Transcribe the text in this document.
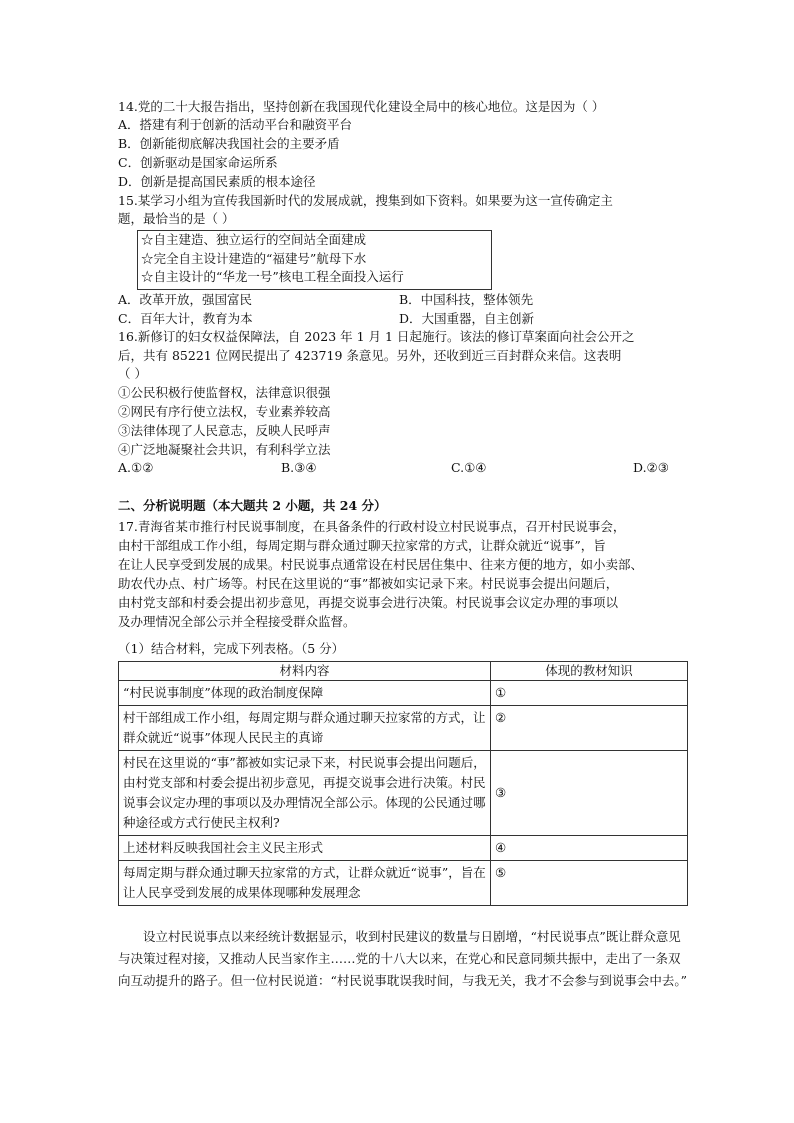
14.党的二十大报告指出，坚持创新在我国现代化建设全局中的核心地位。这是因为（ ）
A．搭建有利于创新的活动平台和融资平台
B．创新能彻底解决我国社会的主要矛盾
C．创新驱动是国家命运所系
D．创新是提高国民素质的根本途径
15.某学习小组为宣传我国新时代的发展成就，搜集到如下资料。如果要为这一宣传确定主
题，最恰当的是（ ）
☆自主建造、独立运行的空间站全面建成
☆完全自主设计建造的“福建号”航母下水
☆自主设计的“华龙一号”核电工程全面投入运行
A．改革开放，强国富民	B．中国科技，整体领先
C．百年大计，教育为本	D．大国重器，自主创新
16.新修订的妇女权益保障法，自 2023 年 1 月 1 日起施行。该法的修订草案面向社会公开之
后，共有 85221 位网民提出了 423719 条意见。另外，还收到近三百封群众来信。这表明
（ ）
①公民积极行使监督权，法律意识很强
②网民有序行使立法权，专业素养较高
③法律体现了人民意志，反映人民呼声
④广泛地凝聚社会共识，有利科学立法
A.①②	B.③④	C.①④	D.②③
二、分析说明题（本大题共 2 小题，共 24 分）
17.青海省某市推行村民说事制度，在具备条件的行政村设立村民说事点，召开村民说事会，
由村干部组成工作小组，每周定期与群众通过聊天拉家常的方式，让群众就近“说事”，旨
在让人民享受到发展的成果。村民说事点通常设在村民居住集中、往来方便的地方，如小卖部、
助农代办点、村广场等。村民在这里说的“事”都被如实记录下来。村民说事会提出问题后，
由村党支部和村委会提出初步意见，再提交说事会进行决策。村民说事会议定办理的事项以
及办理情况全部公示并全程接受群众监督。
（1）结合材料，完成下列表格。（5 分）
材料内容	体现的教材知识
“村民说事制度”体现的政治制度保障	①
村干部组成工作小组，每周定期与群众通过聊天拉家常的方式，让群众就近“说事”体现人民民主的真谛	②
村民在这里说的“事”都被如实记录下来，村民说事会提出问题后，由村党支部和村委会提出初步意见，再提交说事会进行决策。村民说事会议定办理的事项以及办理情况全部公示。体现的公民通过哪种途径或方式行使民主权利?	③
上述材料反映我国社会主义民主形式	④
每周定期与群众通过聊天拉家常的方式，让群众就近“说事”，旨在让人民享受到发展的成果体现哪种发展理念	⑤
设立村民说事点以来经统计数据显示，收到村民建议的数量与日剧增，“村民说事点”既让群众意见与决策过程对接，又推动人民当家作主……党的十八大以来，在党心和民意同频共振中，走出了一条双向互动提升的路子。但一位村民说道：“村民说事耽误我时间，与我无关，我才不会参与到说事会中去。”
